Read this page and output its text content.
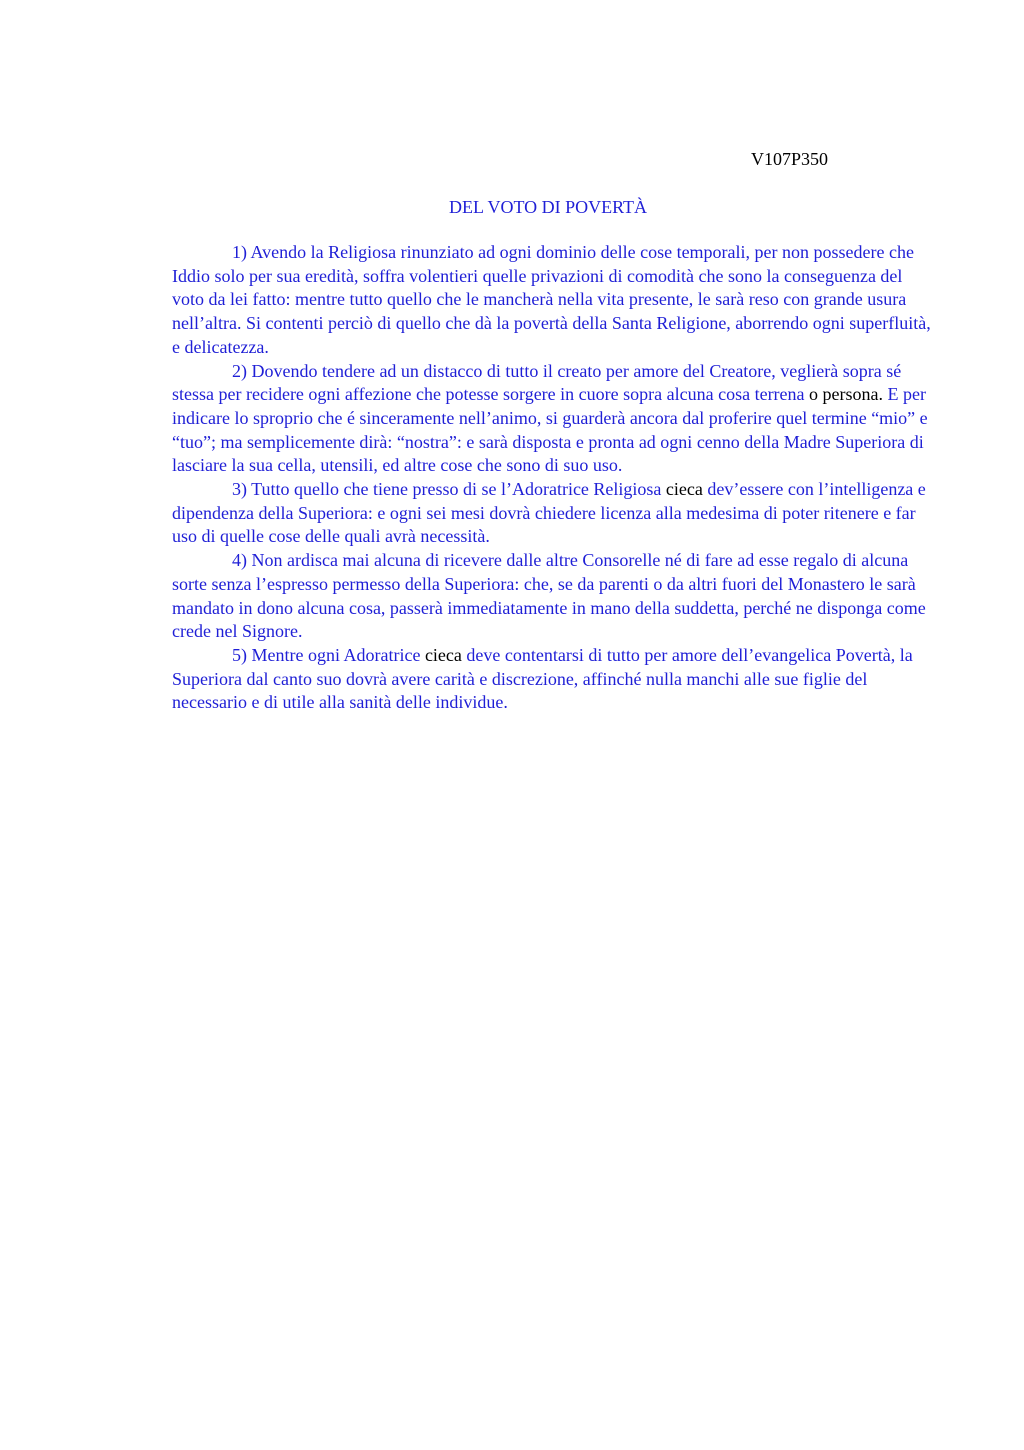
V107P350
DEL VOTO DI POVERTÀ

1) Avendo la Religiosa rinunziato ad ogni dominio delle cose temporali, per non possedere che Iddio solo per sua eredità, soffra volentieri quelle privazioni di comodità che sono la conseguenza del voto da lei fatto: mentre tutto quello che le mancherà nella vita presente, le sarà reso con grande usura nell’altra. Si contenti perciò di quello che dà la povertà della Santa Religione, aborrendo ogni superfluità, e delicatezza.

2) Dovendo tendere ad un distacco di tutto il creato per amore del Creatore, veglierà sopra sé stessa per recidere ogni affezione che potesse sorgere in cuore sopra alcuna cosa terrena o persona. E per indicare lo sproprio che é sinceramente nell’animo, si guarderà ancora dal proferire quel termine “mio” e “tuo”; ma semplicemente dirà: “nostra”: e sarà disposta e pronta ad ogni cenno della Madre Superiora di lasciare la sua cella, utensili, ed altre cose che sono di suo uso.

3) Tutto quello che tiene presso di se l’Adoratrice Religiosa cieca dev’essere con l’intelligenza e dipendenza della Superiora: e ogni sei mesi dovrà chiedere licenza alla medesima di poter ritenere e far uso di quelle cose delle quali avrà necessità.

4) Non ardisca mai alcuna di ricevere dalle altre Consorelle né di fare ad esse regalo di alcuna sorte senza l’espresso permesso della Superiora: che, se da parenti o da altri fuori del Monastero le sarà mandato in dono alcuna cosa, passerà immediatamente in mano della suddetta, perché ne disponga come crede nel Signore.

5) Mentre ogni Adoratrice cieca deve contentarsi di tutto per amore dell’evangelica Povertà, la Superiora dal canto suo dovrà avere carità e discrezione, affinché nulla manchi alle sue figlie del necessario e di utile alla sanità delle individue.
